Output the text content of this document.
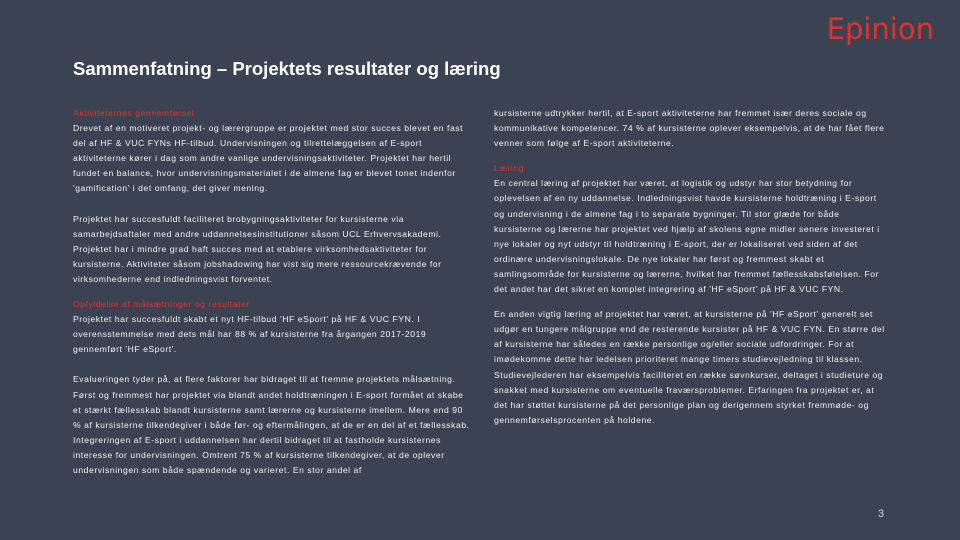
Epinion
Sammenfatning – Projektets resultater og læring
Aktiviteternes gennemførsel

Drevet af en motiveret projekt- og lærergruppe er projektet med stor succes blevet en fast del af HF & VUC FYNs HF-tilbud. Undervisningen og tilrettelæggelsen af E-sport aktiviteterne kører i dag som andre vanlige undervisningsaktiviteter. Projektet har hertil fundet en balance, hvor undervisningsmaterialet i de almene fag er blevet tonet indenfor 'gamification' i det omfang, det giver mening.

Projektet har succesfuldt faciliteret brobygningsaktiviteter for kursisterne via samarbejdsaftaler med andre uddannelsesinstitutioner såsom UCL Erhvervsakademi. Projektet har i mindre grad haft succes med at etablere virksomhedsaktiviteter for kursisterne. Aktiviteter såsom jobshadowing har vist sig mere ressourcekrævende for virksomhederne end indledningsvist forventet.

Opfyldelse af målsætninger og resultater

Projektet har succesfuldt skabt et nyt HF-tilbud 'HF eSport' på HF & VUC FYN. I overensstemmelse med dets mål har 88 % af kursisterne fra årgangen 2017-2019 gennemført 'HF eSport'.

Evalueringen tyder på, at flere faktorer har bidraget til at fremme projektets målsætning. Først og fremmest har projektet via blandt andet holdtræningen i E-sport formået at skabe et stærkt fællesskab blandt kursisterne samt lærerne og kursisterne imellem. Mere end 90 % af kursisterne tilkendegiver i både før- og eftermålingen, at de er en del af et fællesskab. Integreringen af E-sport i uddannelsen har dertil bidraget til at fastholde kursisternes interesse for undervisningen. Omtrent 75 % af kursisterne tilkendegiver, at de oplever undervisningen som både spændende og varieret. En stor andel af

kursisterne udtrykker hertil, at E-sport aktiviteterne har fremmet især deres sociale og kommunikative kompetencer. 74 % af kursisterne oplever eksempelvis, at de har fået flere venner som følge af E-sport aktiviteterne.

Læring

En central læring af projektet har været, at logistik og udstyr har stor betydning for oplevelsen af en ny uddannelse. Indledningsvist havde kursisterne holdtræning i E-sport og undervisning i de almene fag i to separate bygninger. Til stor glæde for både kursisterne og lærerne har projektet ved hjælp af skolens egne midler senere investeret i nye lokaler og nyt udstyr til holdtræning i E-sport, der er lokaliseret ved siden af det ordinære undervisningslokale. De nye lokaler har først og fremmest skabt et samlingsområde for kursisterne og lærerne, hvilket har fremmet fællesskabsfølelsen. For det andet har det sikret en komplet integrering af 'HF eSport' på HF & VUC FYN.

En anden vigtig læring af projektet har været, at kursisterne på 'HF eSport' generelt set udgør en tungere målgruppe end de resterende kursister på HF & VUC FYN. En større del af kursisterne har således en række personlige og/eller sociale udfordringer. For at imødekomme dette har ledelsen prioriteret mange timers studievejledning til klassen. Studievejlederen har eksempelvis faciliteret en række søvnkurser, deltaget i studieture og snakket med kursisterne om eventuelle fraværsproblemer. Erfaringen fra projektet er, at det har støttet kursisterne på det personlige plan og derigennem styrket fremmøde- og gennemførselsprocenten på holdene.

3
